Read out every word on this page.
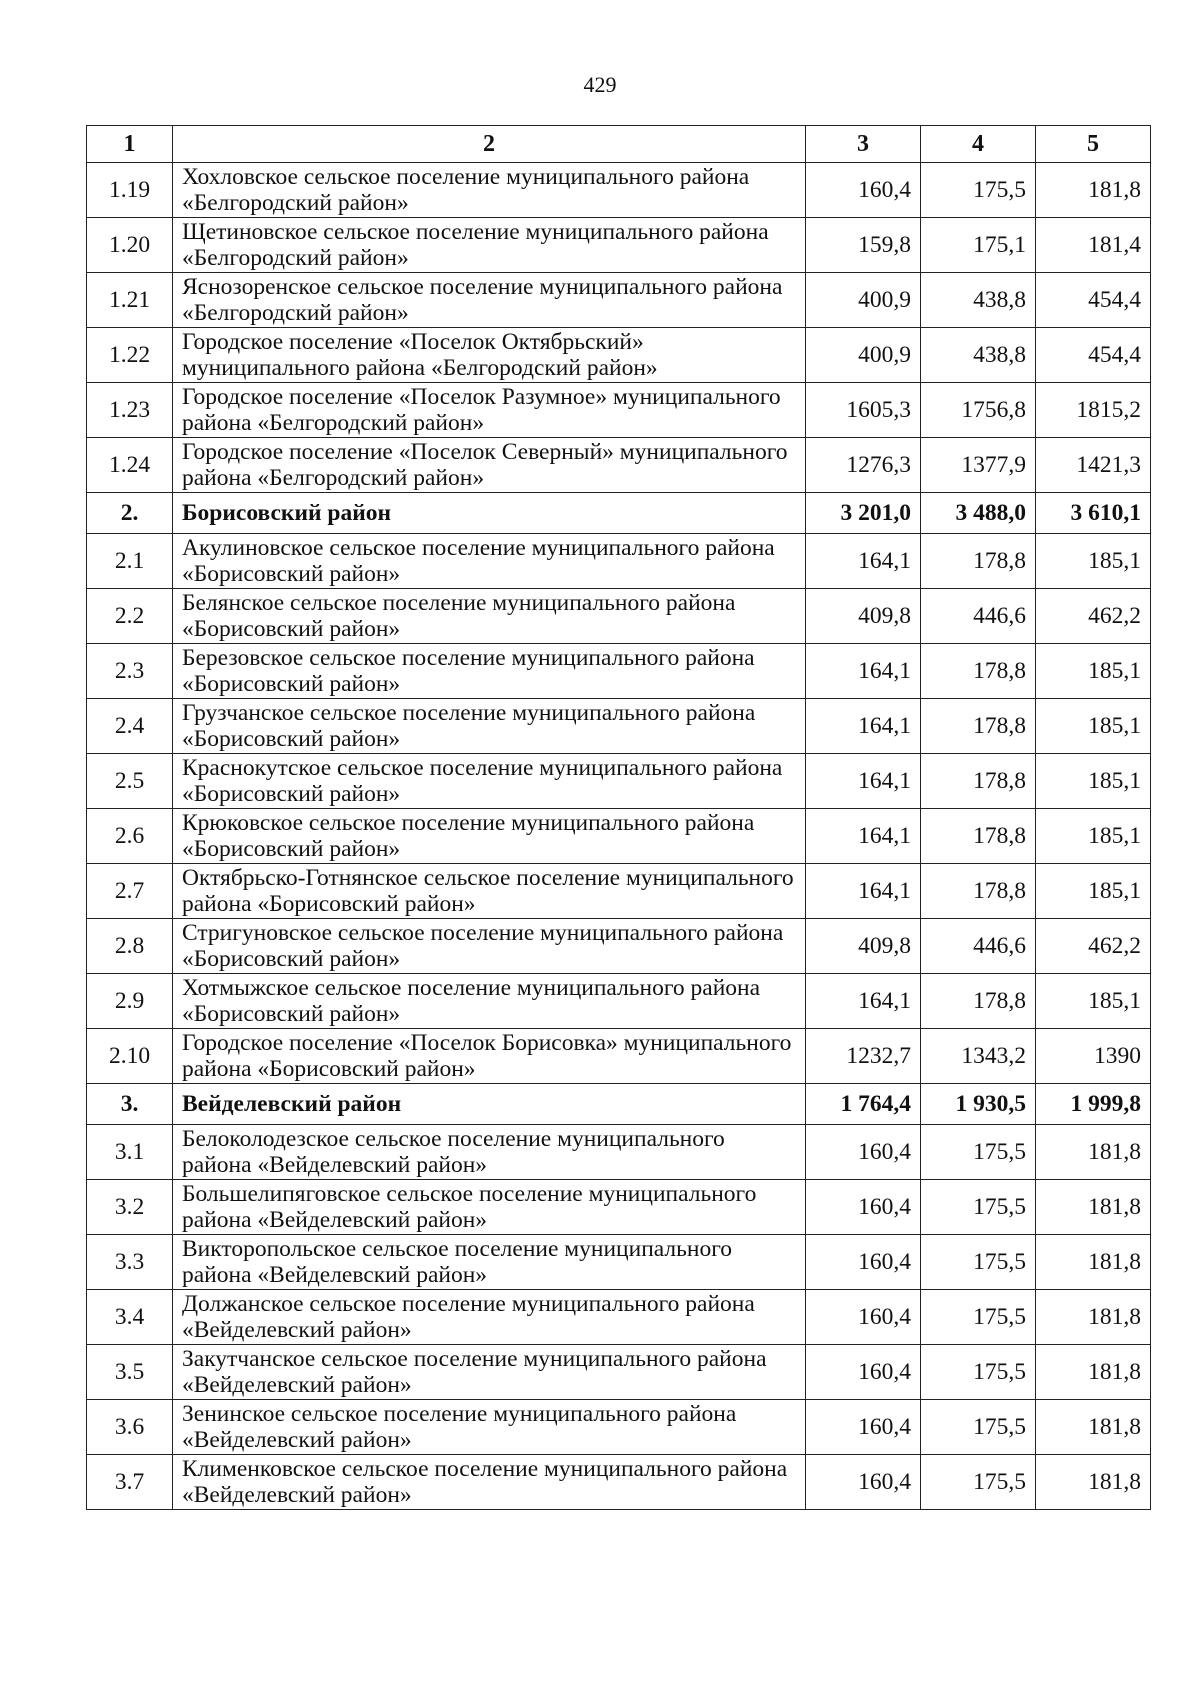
429
1	2	3	4	5
1.19	Хохловское сельское поселение муниципального района «Белгородский район»	160,4	175,5	181,8
1.20	Щетиновское сельское поселение муниципального района «Белгородский район»	159,8	175,1	181,4
1.21	Яснозоренское сельское поселение муниципального района «Белгородский район»	400,9	438,8	454,4
1.22	Городское поселение «Поселок Октябрьский» муниципального района «Белгородский район»	400,9	438,8	454,4
1.23	Городское поселение «Поселок Разумное» муниципального района «Белгородский район»	1605,3	1756,8	1815,2
1.24	Городское поселение «Поселок Северный» муниципального района «Белгородский район»	1276,3	1377,9	1421,3
2.	Борисовский район	3 201,0	3 488,0	3 610,1
2.1	Акулиновское сельское поселение муниципального района «Борисовский район»	164,1	178,8	185,1
2.2	Белянское сельское поселение муниципального района «Борисовский район»	409,8	446,6	462,2
2.3	Березовское сельское поселение муниципального района «Борисовский район»	164,1	178,8	185,1
2.4	Грузчанское сельское поселение муниципального района «Борисовский район»	164,1	178,8	185,1
2.5	Краснокутское сельское поселение муниципального района «Борисовский район»	164,1	178,8	185,1
2.6	Крюковское сельское поселение муниципального района «Борисовский район»	164,1	178,8	185,1
2.7	Октябрьско-Готнянское сельское поселение муниципального района «Борисовский район»	164,1	178,8	185,1
2.8	Стригуновское сельское поселение муниципального района «Борисовский район»	409,8	446,6	462,2
2.9	Хотмыжское сельское поселение муниципального района «Борисовский район»	164,1	178,8	185,1
2.10	Городское поселение «Поселок Борисовка» муниципального района «Борисовский район»	1232,7	1343,2	1390
3.	Вейделевский район	1 764,4	1 930,5	1 999,8
3.1	Белоколодезское сельское поселение муниципального района «Вейделевский район»	160,4	175,5	181,8
3.2	Большелипяговское сельское поселение муниципального района «Вейделевский район»	160,4	175,5	181,8
3.3	Викторопольское сельское поселение муниципального района «Вейделевский район»	160,4	175,5	181,8
3.4	Должанское сельское поселение муниципального района «Вейделевский район»	160,4	175,5	181,8
3.5	Закутчанское сельское поселение муниципального района «Вейделевский район»	160,4	175,5	181,8
3.6	Зенинское сельское поселение муниципального района «Вейделевский район»	160,4	175,5	181,8
3.7	Клименковское сельское поселение муниципального района «Вейделевский район»	160,4	175,5	181,8
